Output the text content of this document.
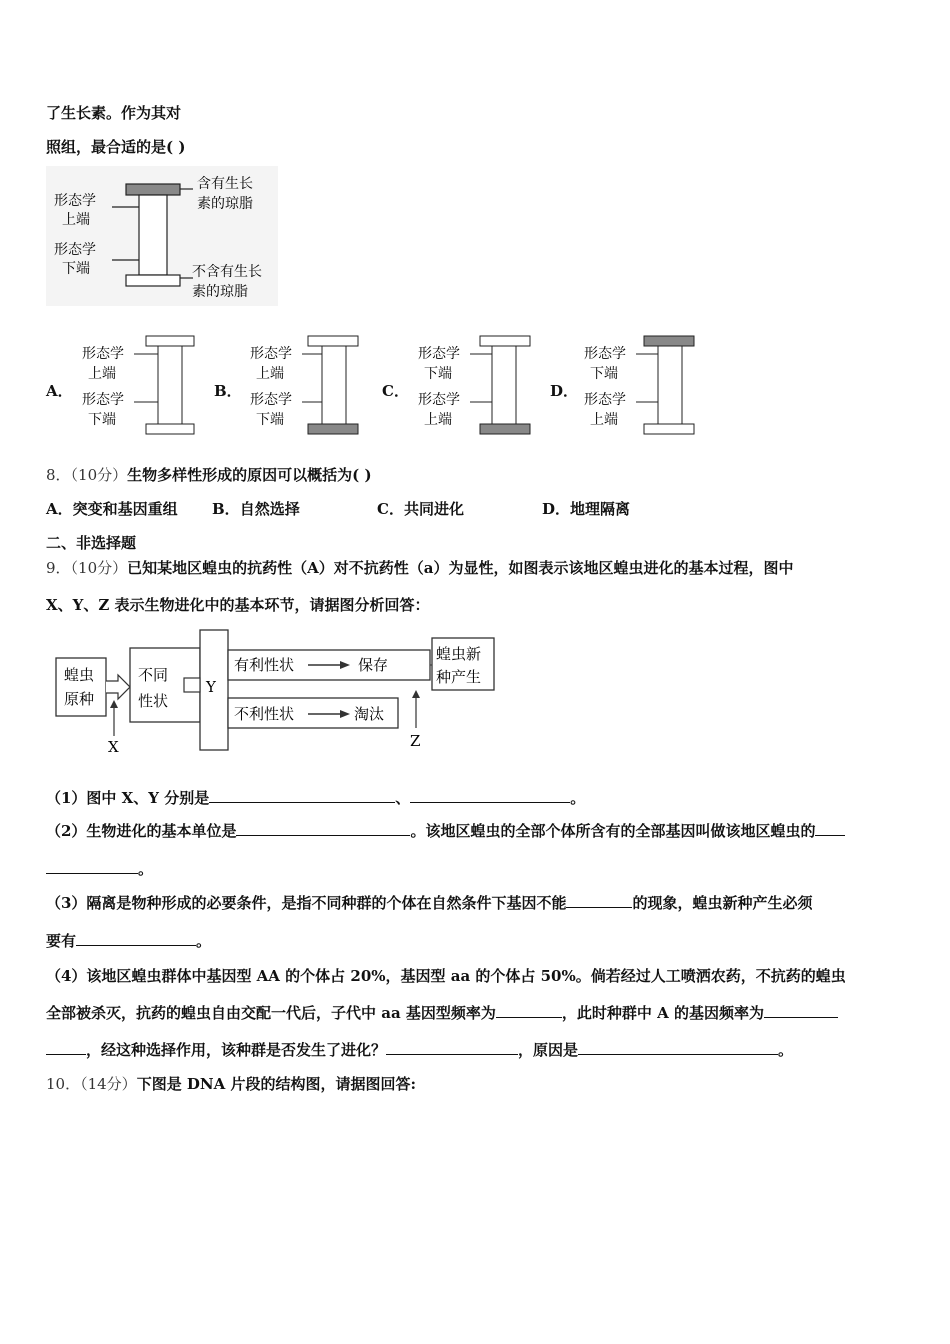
了生长素。作为其对
照组，最合适的是( )
形态学
上端
形态学
下端
含有生长
素的琼脂
不含有生长
素的琼脂
A．
形态学
上端
形态学
下端
B．
形态学
上端
形态学
下端
C．
形态学
下端
形态学
上端
D．
形态学
下端
形态学
上端
8．（10分）生物多样性形成的原因可以概括为( )
A．突变和基因重组 B．自然选择	C．共同进化	D．地理隔离
二、非选择题
9．（10分）已知某地区蝗虫的抗药性（A）对不抗药性（a）为显性，如图表示该地区蝗虫进化的基本过程，图中
X、Y、Z 表示生物进化中的基本环节，请据图分析回答：
蝗虫
原种
X
不同
性状
Y
有利性状	保存
不利性状	淘汰
蝗虫新
种产生
Z
（1）图中 X、Y 分别是	、	。
（2）生物进化的基本单位是	。该地区蝗虫的全部个体所含有的全部基因叫做该地区蝗虫的
。
（3）隔离是物种形成的必要条件，是指不同种群的个体在自然条件下基因不能	的现象，蝗虫新种产生必须
要有	。
（4）该地区蝗虫群体中基因型 AA 的个体占 20%，基因型 aa 的个体占 50%。倘若经过人工喷洒农药，不抗药的蝗虫
全部被杀灭，抗药的蝗虫自由交配一代后，子代中 aa 基因型频率为	，此时种群中 A 的基因频率为
，经这种选择作用，该种群是否发生了进化？	，原因是	。
10．（14分）下图是 DNA 片段的结构图，请据图回答:
